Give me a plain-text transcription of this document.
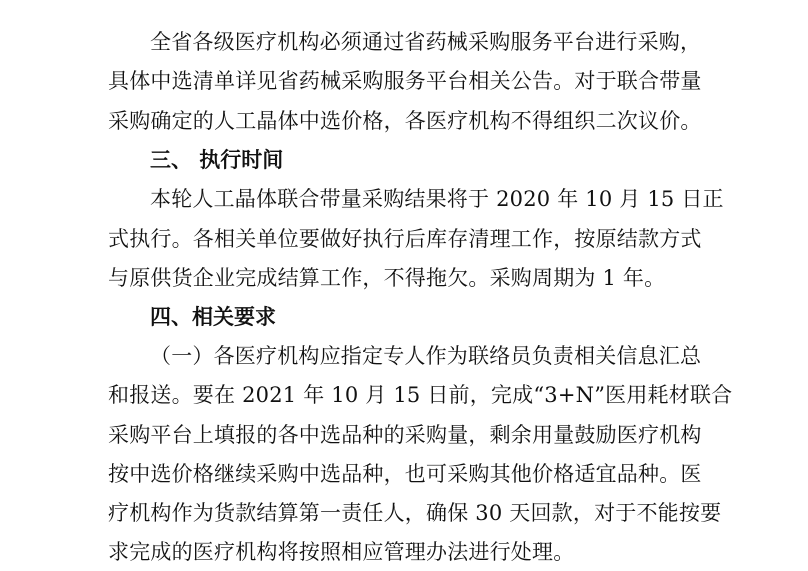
全省各级医疗机构必须通过省药械采购服务平台进行采购，
具体中选清单详见省药械采购服务平台相关公告。对于联合带量
采购确定的人工晶体中选价格，各医疗机构不得组织二次议价。
三、 执行时间
本轮人工晶体联合带量采购结果将于 2020 年 10 月 15 日正
式执行。各相关单位要做好执行后库存清理工作，按原结款方式
与原供货企业完成结算工作，不得拖欠。采购周期为 1 年。
四、相关要求
（一）各医疗机构应指定专人作为联络员负责相关信息汇总
和报送。要在 2021 年 10 月 15 日前，完成“3+N”医用耗材联合
采购平台上填报的各中选品种的采购量，剩余用量鼓励医疗机构
按中选价格继续采购中选品种，也可采购其他价格适宜品种。医
疗机构作为货款结算第一责任人，确保 30 天回款，对于不能按要
求完成的医疗机构将按照相应管理办法进行处理。
